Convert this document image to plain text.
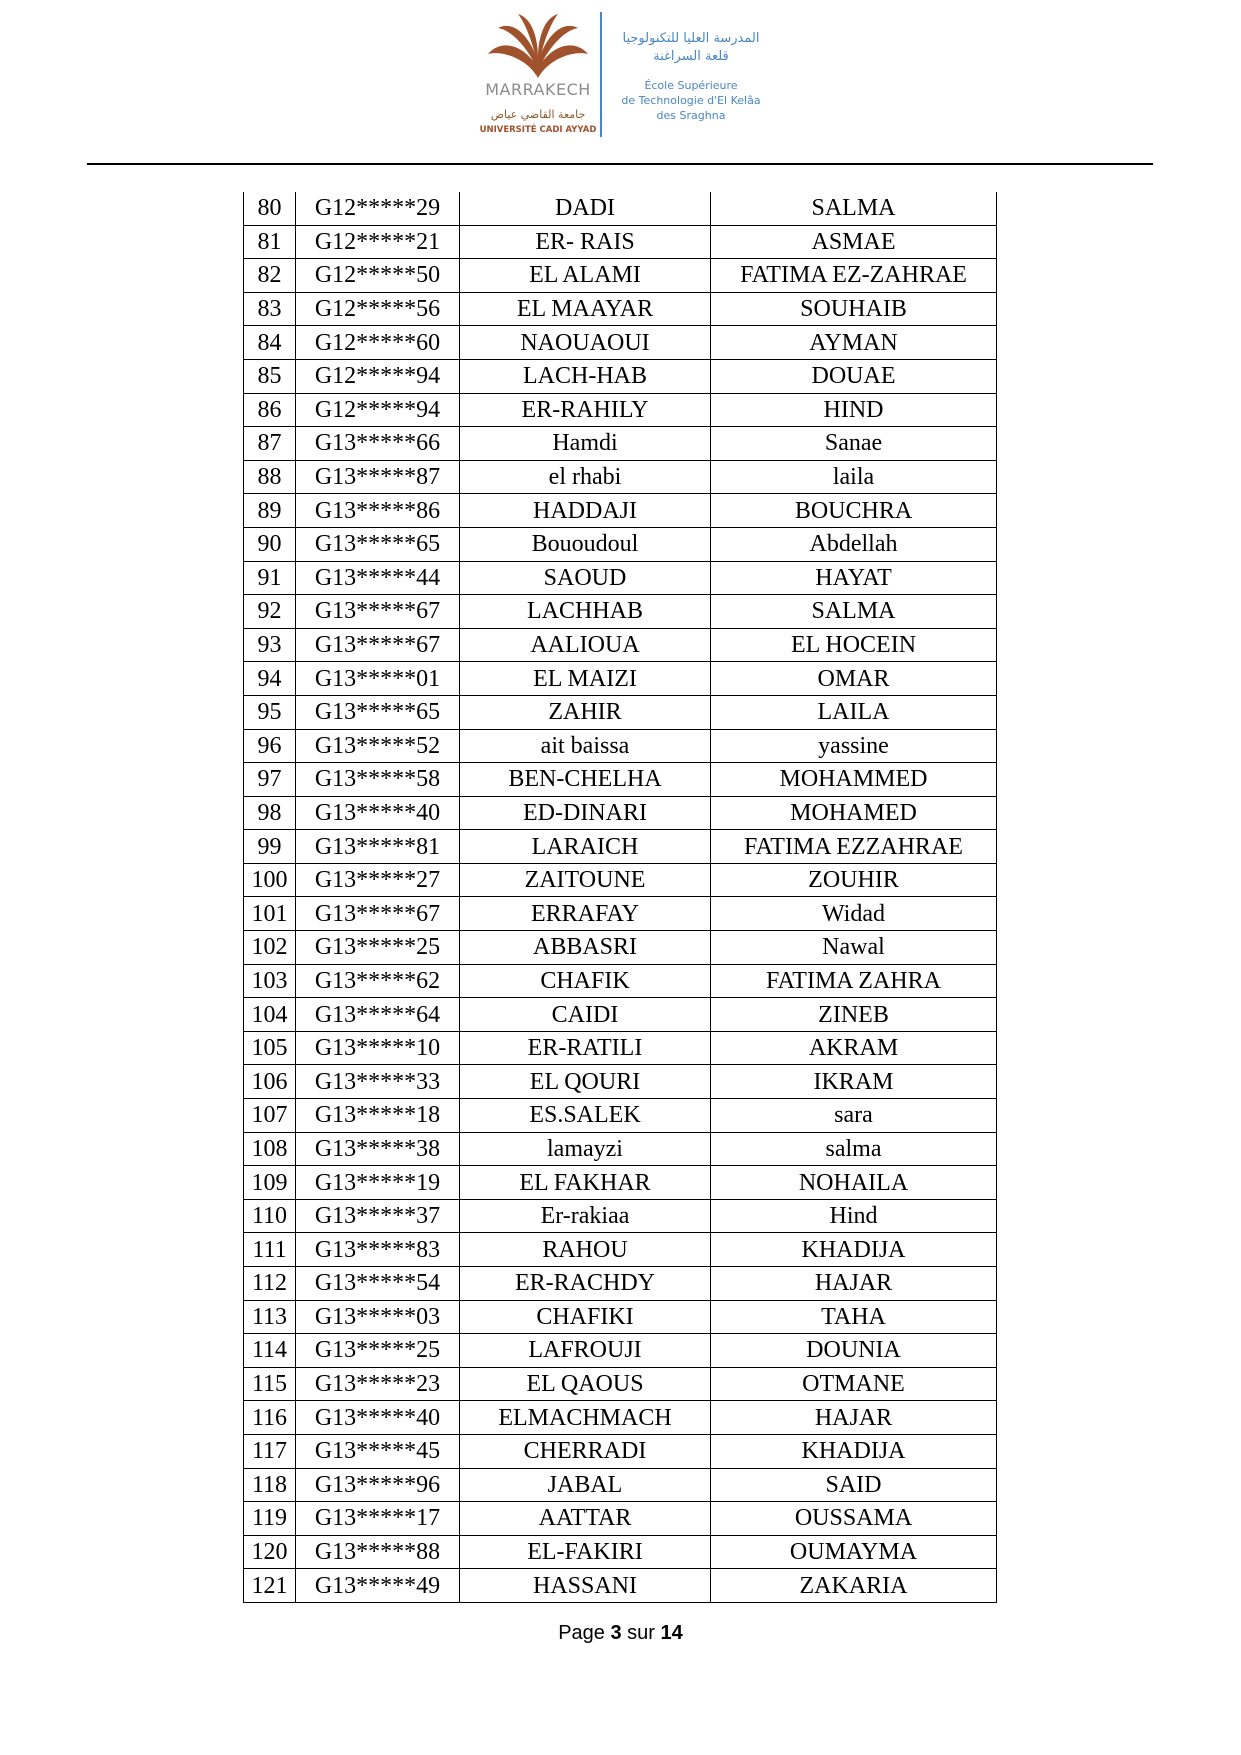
MARRAKECH
جامعة القاضي عياض
UNIVERSITÉ CADI AYYAD
المدرسة العليا للتكنولوجيا
قلعة السراغنة
École Supérieure
de Technologie d'El Kelâa
des Sraghna
80	G12*****29	DADI	SALMA
81	G12*****21	ER- RAIS	ASMAE
82	G12*****50	EL ALAMI	FATIMA EZ-ZAHRAE
83	G12*****56	EL MAAYAR	SOUHAIB
84	G12*****60	NAOUAOUI	AYMAN
85	G12*****94	LACH-HAB	DOUAE
86	G12*****94	ER-RAHILY	HIND
87	G13*****66	Hamdi	Sanae
88	G13*****87	el rhabi	laila
89	G13*****86	HADDAJI	BOUCHRA
90	G13*****65	Bououdoul	Abdellah
91	G13*****44	SAOUD	HAYAT
92	G13*****67	LACHHAB	SALMA
93	G13*****67	AALIOUA	EL HOCEIN
94	G13*****01	EL MAIZI	OMAR
95	G13*****65	ZAHIR	LAILA
96	G13*****52	ait baissa	yassine
97	G13*****58	BEN-CHELHA	MOHAMMED
98	G13*****40	ED-DINARI	MOHAMED
99	G13*****81	LARAICH	FATIMA EZZAHRAE
100	G13*****27	ZAITOUNE	ZOUHIR
101	G13*****67	ERRAFAY	Widad
102	G13*****25	ABBASRI	Nawal
103	G13*****62	CHAFIK	FATIMA ZAHRA
104	G13*****64	CAIDI	ZINEB
105	G13*****10	ER-RATILI	AKRAM
106	G13*****33	EL QOURI	IKRAM
107	G13*****18	ES.SALEK	sara
108	G13*****38	lamayzi	salma
109	G13*****19	EL FAKHAR	NOHAILA
110	G13*****37	Er-rakiaa	Hind
111	G13*****83	RAHOU	KHADIJA
112	G13*****54	ER-RACHDY	HAJAR
113	G13*****03	CHAFIKI	TAHA
114	G13*****25	LAFROUJI	DOUNIA
115	G13*****23	EL QAOUS	OTMANE
116	G13*****40	ELMACHMACH	HAJAR
117	G13*****45	CHERRADI	KHADIJA
118	G13*****96	JABAL	SAID
119	G13*****17	AATTAR	OUSSAMA
120	G13*****88	EL-FAKIRI	OUMAYMA
121	G13*****49	HASSANI	ZAKARIA
Page 3 sur 14
